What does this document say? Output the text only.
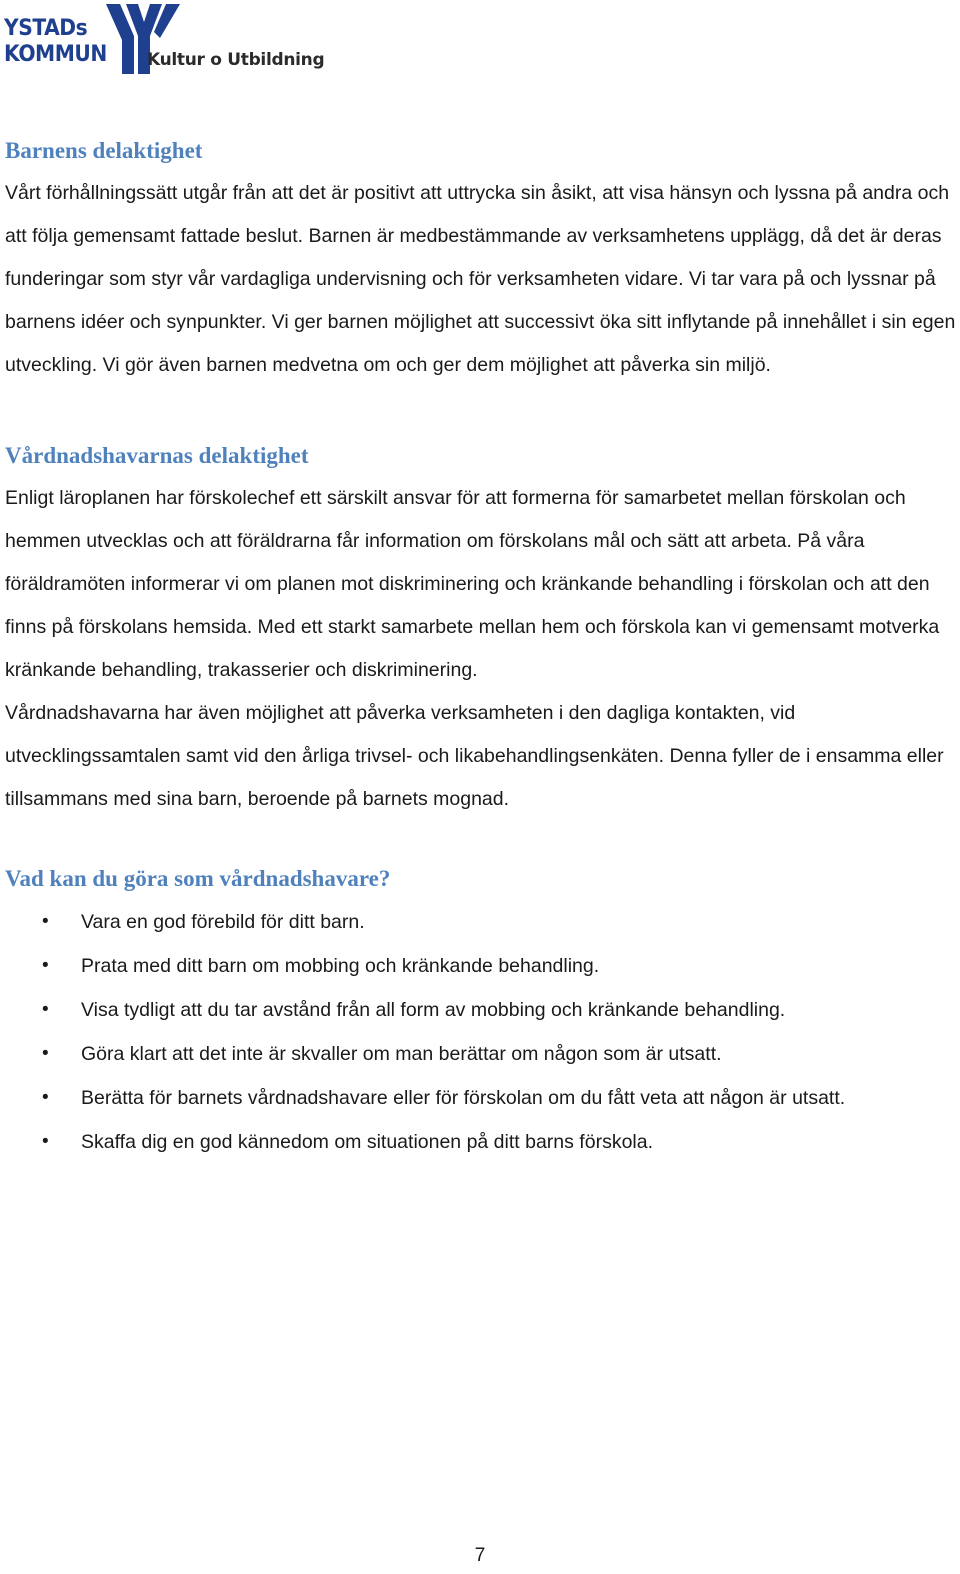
YSTADs
KOMMUN Kultur o Utbildning
Barnens delaktighet

Vårt förhållningssätt utgår från att det är positivt att uttrycka sin åsikt, att visa hänsyn och lyssna på andra och att följa gemensamt fattade beslut. Barnen är medbestämmande av verksamhetens upplägg, då det är deras funderingar som styr vår vardagliga undervisning och för verksamheten vidare. Vi tar vara på och lyssnar på barnens idéer och synpunkter. Vi ger barnen möjlighet att successivt öka sitt inflytande på innehållet i sin egen utveckling. Vi gör även barnen medvetna om och ger dem möjlighet att påverka sin miljö.

Vårdnadshavarnas delaktighet

Enligt läroplanen har förskolechef ett särskilt ansvar för att formerna för samarbetet mellan förskolan och hemmen utvecklas och att föräldrarna får information om förskolans mål och sätt att arbeta. På våra föräldramöten informerar vi om planen mot diskriminering och kränkande behandling i förskolan och att den finns på förskolans hemsida. Med ett starkt samarbete mellan hem och förskola kan vi gemensamt motverka kränkande behandling, trakasserier och diskriminering.

Vårdnadshavarna har även möjlighet att påverka verksamheten i den dagliga kontakten, vid utvecklingssamtalen samt vid den årliga trivsel- och likabehandlingsenkäten. Denna fyller de i ensamma eller tillsammans med sina barn, beroende på barnets mognad.

Vad kan du göra som vårdnadshavare?
• Vara en god förebild för ditt barn.
• Prata med ditt barn om mobbing och kränkande behandling.
• Visa tydligt att du tar avstånd från all form av mobbing och kränkande behandling.
• Göra klart att det inte är skvaller om man berättar om någon som är utsatt.
• Berätta för barnets vårdnadshavare eller för förskolan om du fått veta att någon är utsatt.
• Skaffa dig en god kännedom om situationen på ditt barns förskola.
7
